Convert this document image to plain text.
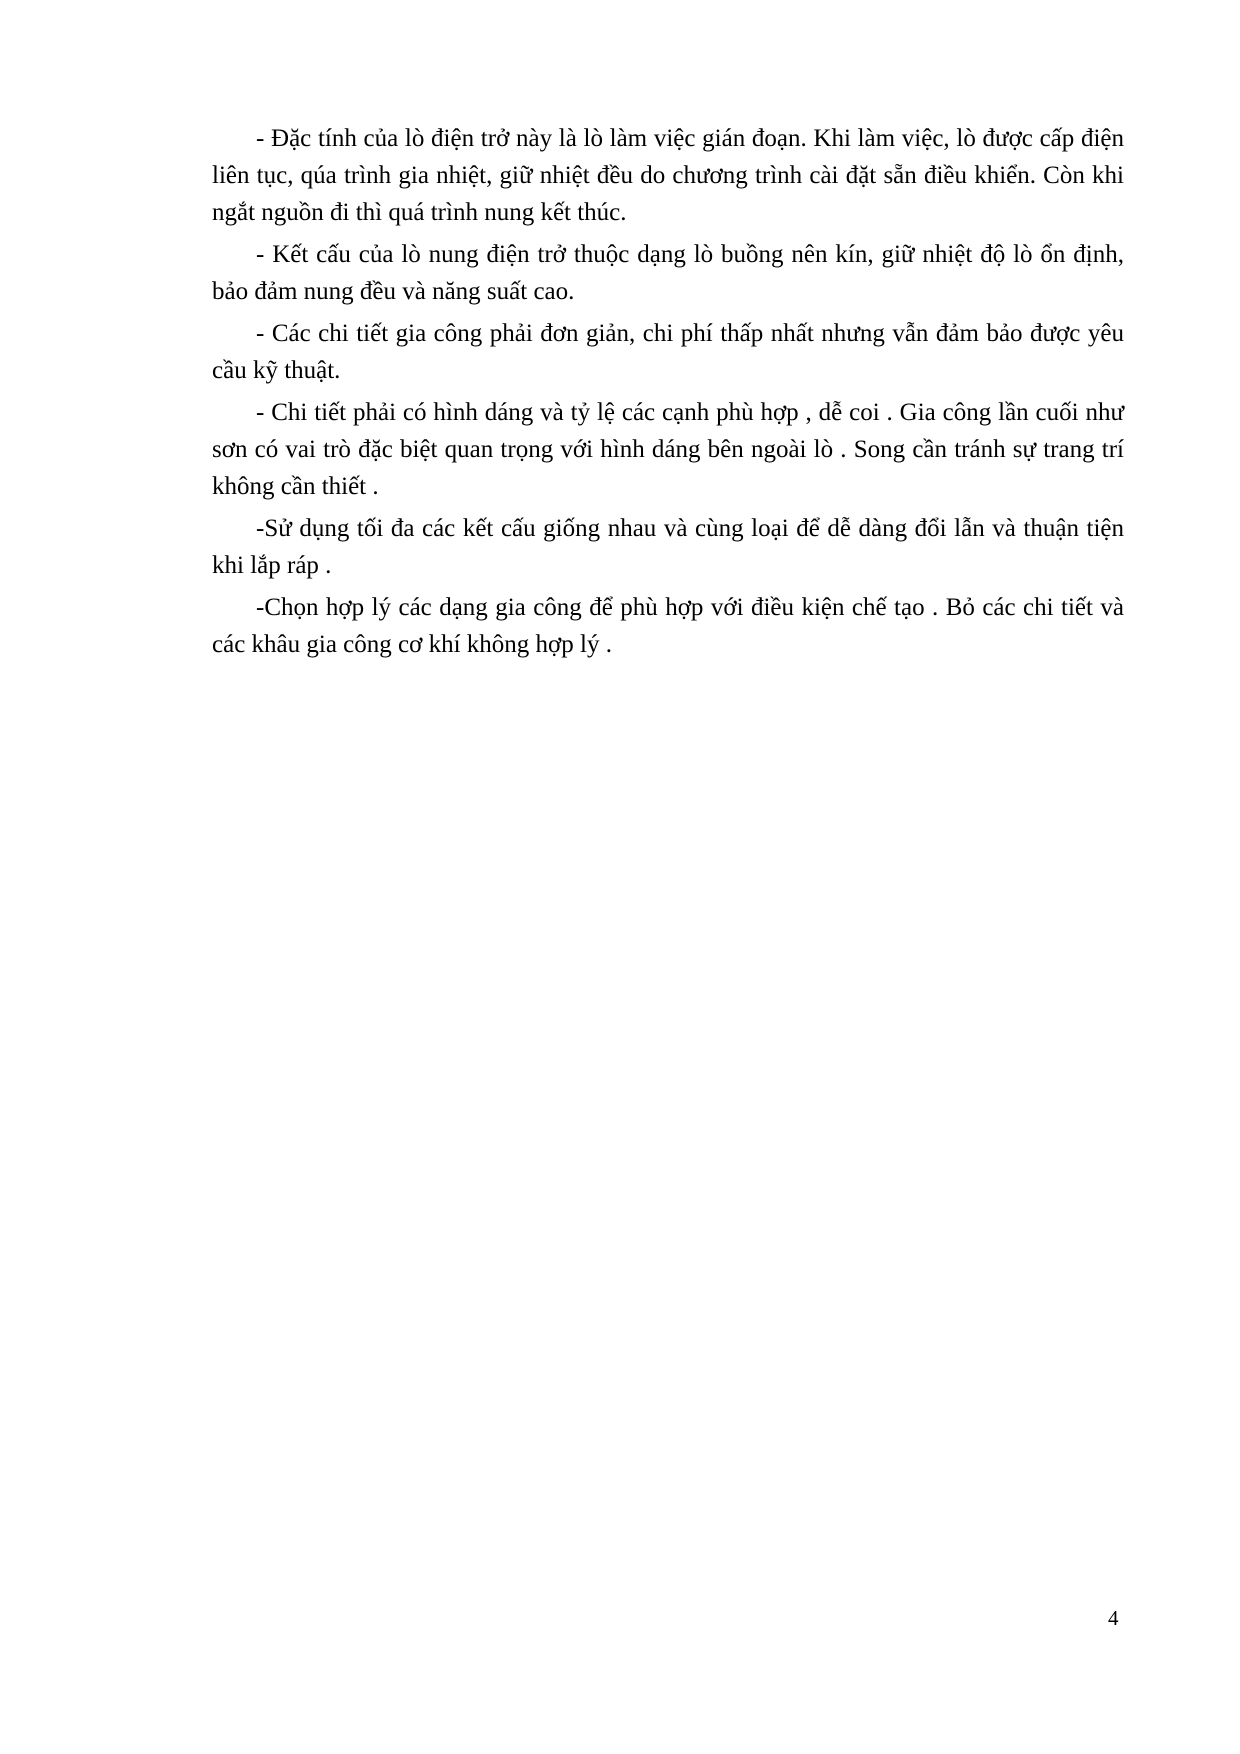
- Đặc tính của lò điện trở này là lò làm việc gián đoạn. Khi làm việc, lò được cấp điện liên tục, qúa trình gia nhiệt, giữ nhiệt đều do chương trình cài đặt sẵn điều khiển. Còn khi ngắt nguồn đi thì quá trình nung kết thúc.

- Kết cấu của lò nung điện trở thuộc dạng lò buồng nên kín, giữ nhiệt độ lò ổn định, bảo đảm nung đều và năng suất cao.

- Các chi tiết gia công phải đơn giản, chi phí thấp nhất nhưng vẫn đảm bảo được yêu cầu kỹ thuật.

- Chi tiết phải có hình dáng và tỷ lệ các cạnh phù hợp , dễ coi . Gia công lần cuối như sơn có vai trò đặc biệt quan trọng với hình dáng bên ngoài lò . Song cần tránh sự trang trí không cần thiết .

-Sử dụng tối đa các kết cấu giống nhau và cùng loại để dễ dàng đổi lẫn và thuận tiện khi lắp ráp .

-Chọn hợp lý các dạng gia công để phù hợp với điều kiện chế tạo . Bỏ các chi tiết và các khâu gia công cơ khí không hợp lý .

4
